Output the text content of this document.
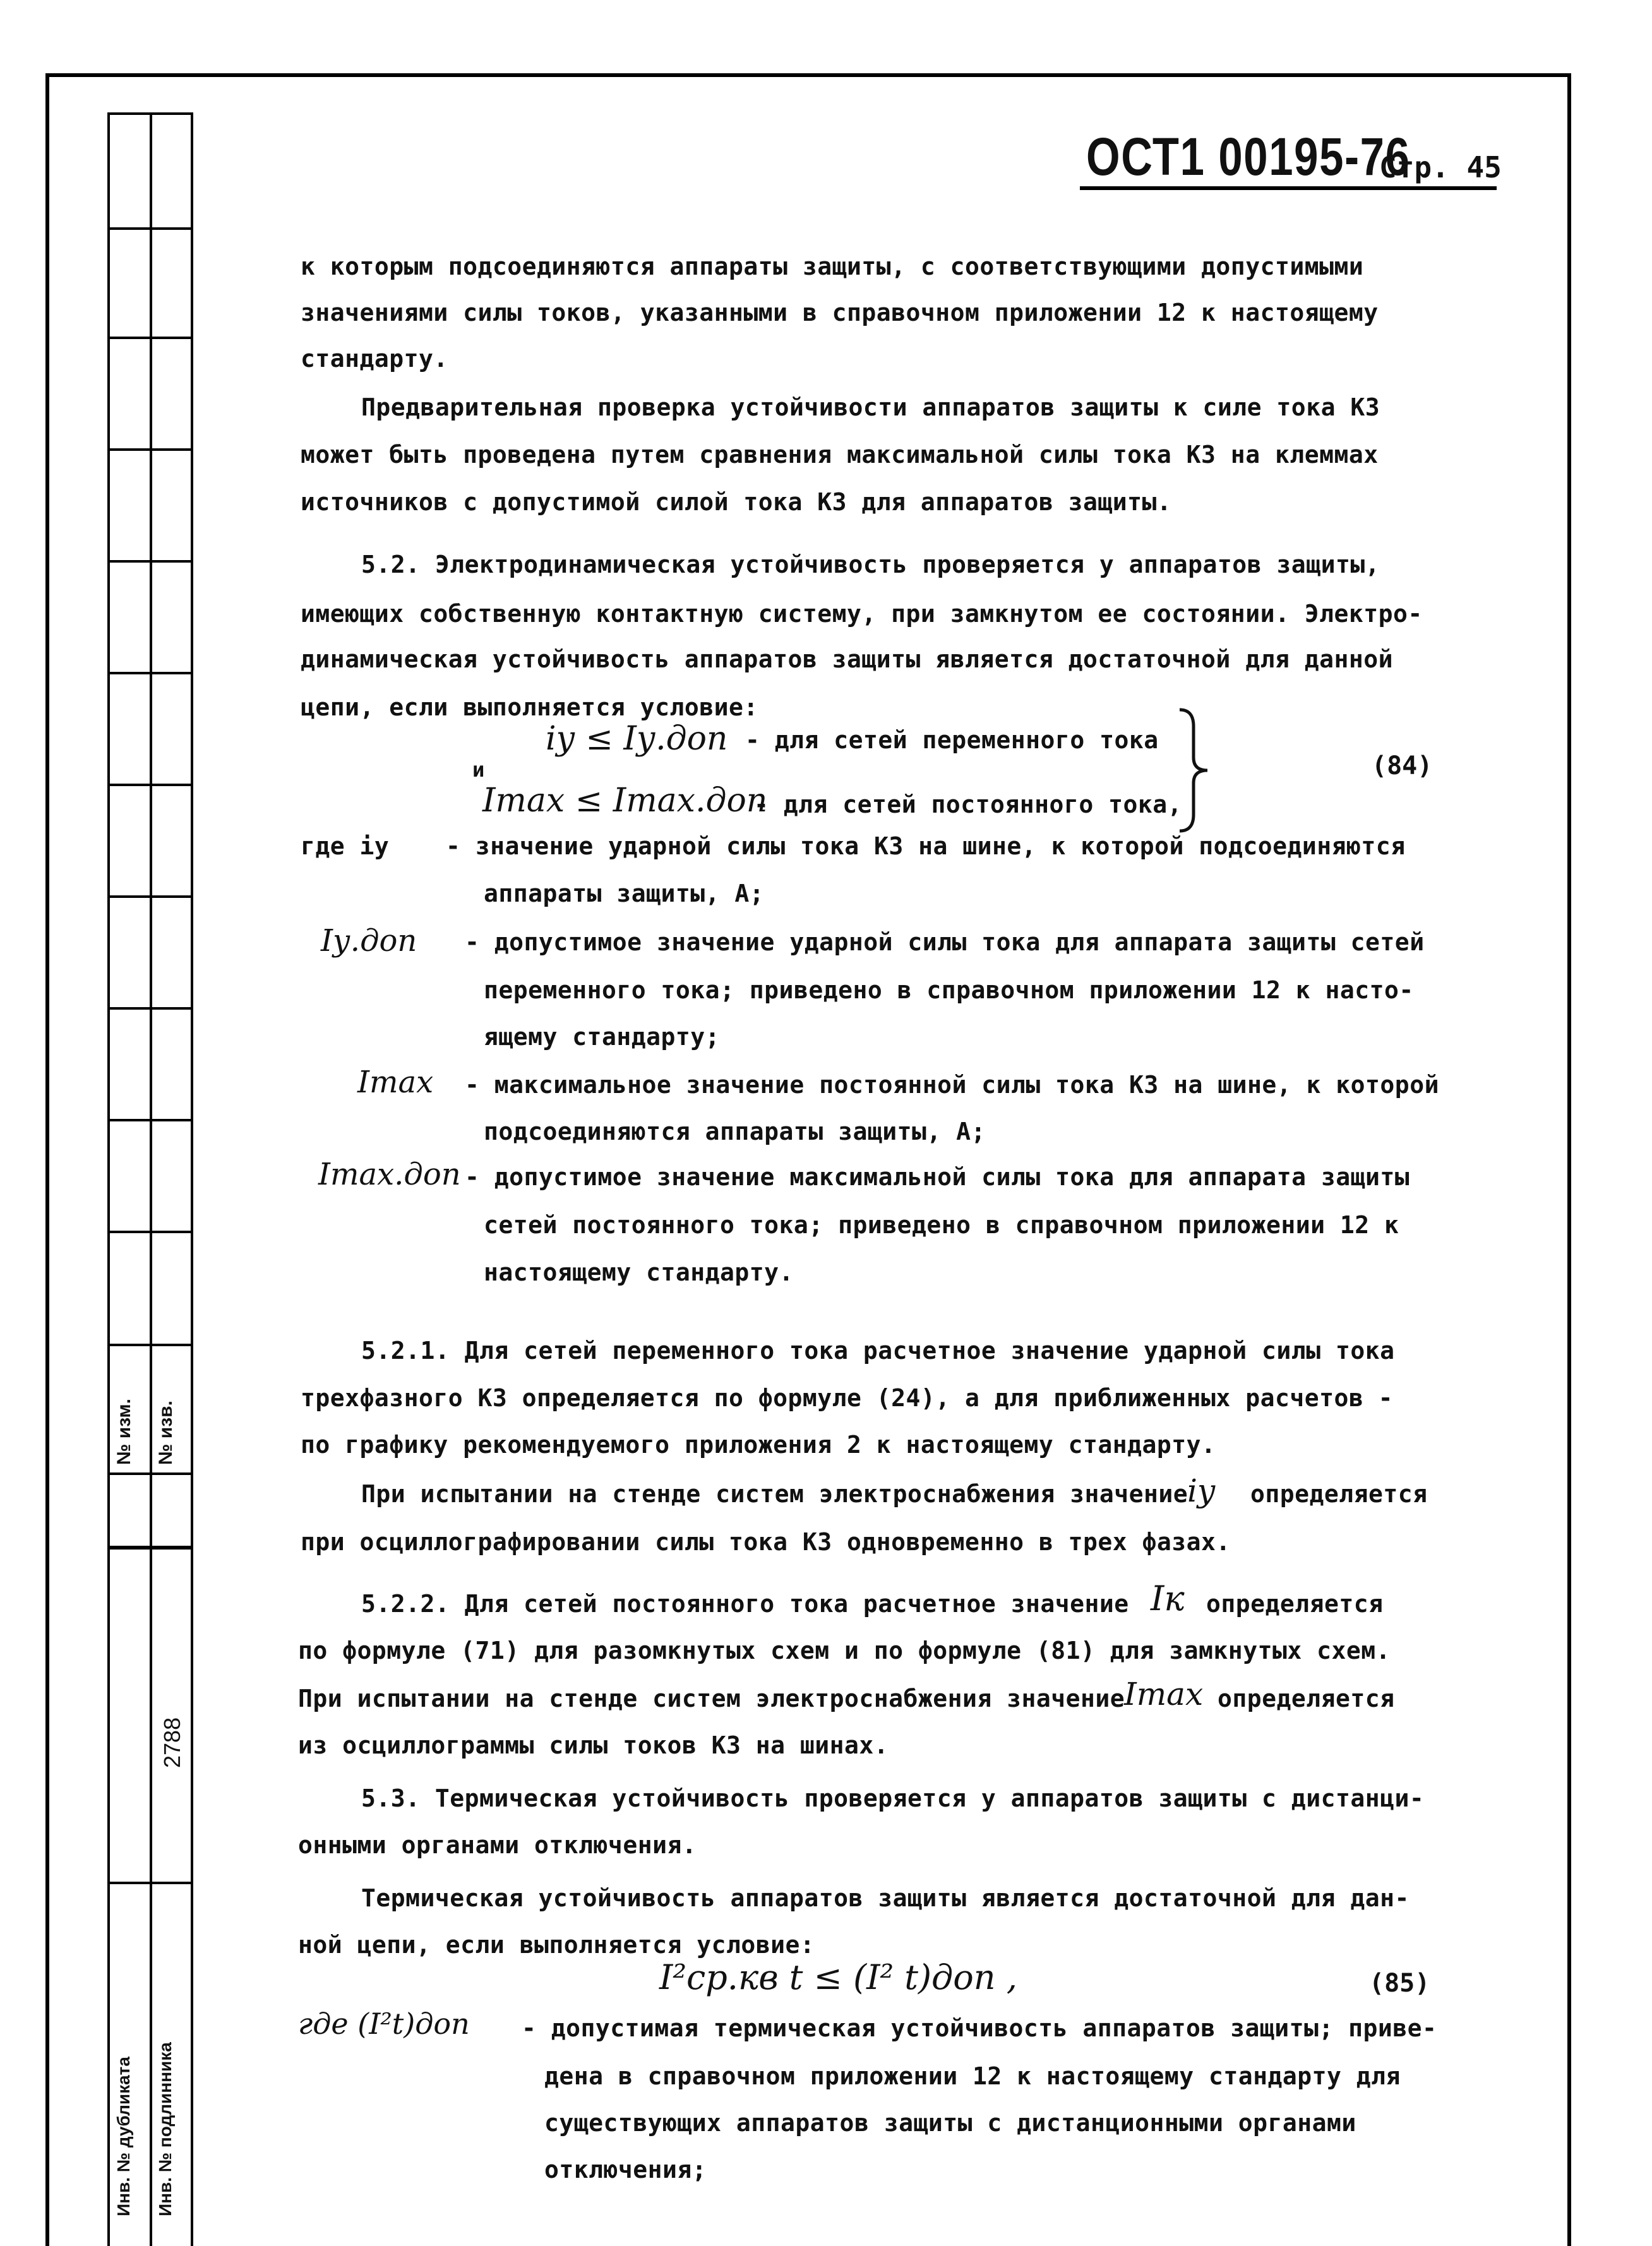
№ изм. № изв.
2788
Инв. № дубликата Инв. № подлинника
ОСТ1 00195-76
Стр. 45
к которым подсоединяются аппараты защиты, с соответствующими допустимыми
значениями силы токов, указанными в справочном приложении 12 к настоящему
стандарту.
Предварительная проверка устойчивости аппаратов защиты к силе тока КЗ
может быть проведена путем сравнения максимальной силы тока КЗ на клеммах
источников с допустимой силой тока КЗ для аппаратов защиты.
5.2. Электродинамическая устойчивость проверяется у аппаратов защиты,
имеющих собственную контактную систему, при замкнутом ее состоянии. Электро-
динамическая устойчивость аппаратов защиты является достаточной для данной
цепи, если выполняется условие:
iу ≤ Iу.доп - для сетей переменного тока
и
Imax ≤ Imax.доп
- для сетей постоянного тока,
(84)
где iу - значение ударной силы тока КЗ на шине, к которой подсоединяются
аппараты защиты, А;
Iу.доп - допустимое значение ударной силы тока для аппарата защиты сетей
переменного тока; приведено в справочном приложении 12 к насто-
ящему стандарту;
Imax - максимальное значение постоянной силы тока КЗ на шине, к которой
подсоединяются аппараты защиты, А;
Imax.доп - допустимое значение максимальной силы тока для аппарата защиты
сетей постоянного тока; приведено в справочном приложении 12 к
настоящему стандарту.
5.2.1. Для сетей переменного тока расчетное значение ударной силы тока
трехфазного КЗ определяется по формуле (24), а для приближенных расчетов -
по графику рекомендуемого приложения 2 к настоящему стандарту.
При испытании на стенде систем электроснабжения значение
iу определяется
при осциллографировании силы тока КЗ одновременно в трех фазах.
5.2.2. Для сетей постоянного тока расчетное значение Iк определяется
по формуле (71) для разомкнутых схем и по формуле (81) для замкнутых схем.
При испытании на стенде систем электроснабжения значение
Imax определяется
из осциллограммы силы токов КЗ на шинах.
5.3. Термическая устойчивость проверяется у аппаратов защиты с дистанци-
онными органами отключения.
Термическая устойчивость аппаратов защиты является достаточной для дан-
ной цепи, если выполняется условие:
I²ср.кв t ≤ (I² t)доп ,	(85)
где (I²t)доп - допустимая термическая устойчивость аппаратов защиты; приве-
дена в справочном приложении 12 к настоящему стандарту для
существующих аппаратов защиты с дистанционными органами
отключения;
